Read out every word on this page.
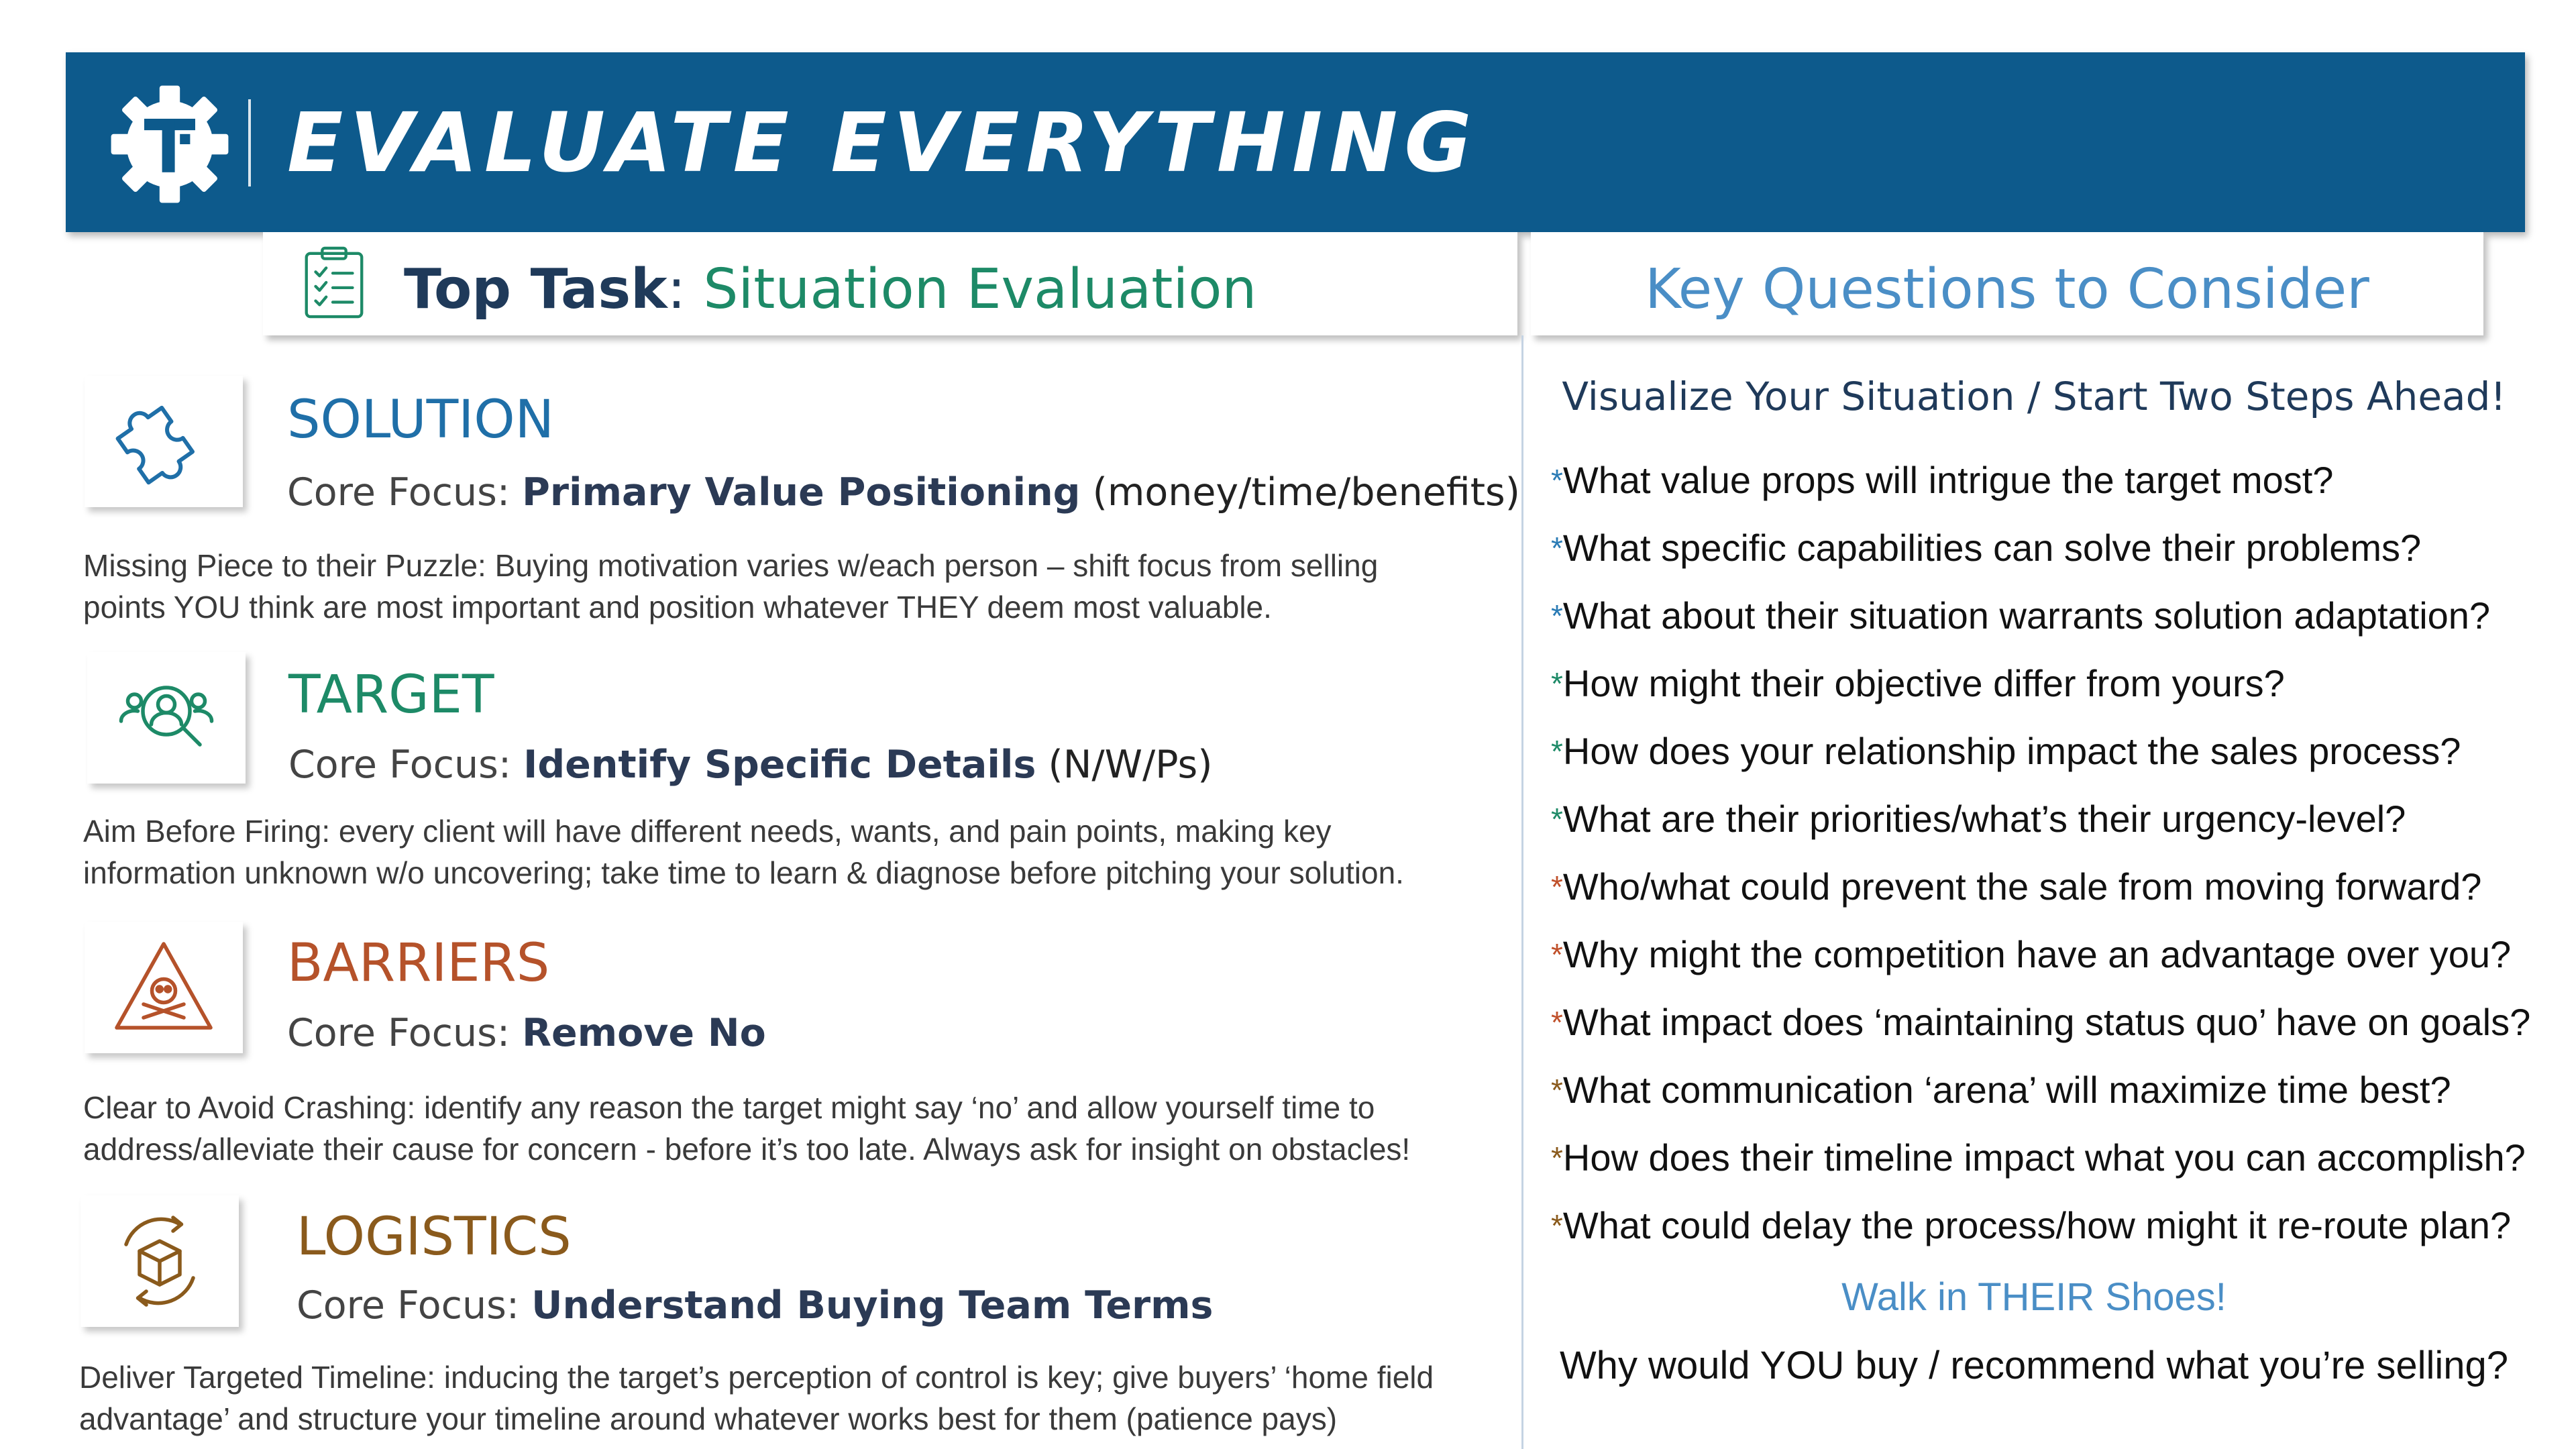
EVALUATE EVERYTHING
Top Task: Situation Evaluation	Key Questions to Consider
SOLUTION
Core Focus: Primary Value Positioning (money/time/benefits)
Missing Piece to their Puzzle: Buying motivation varies w/each person – shift focus from selling
points YOU think are most important and position whatever THEY deem most valuable.
TARGET
Core Focus: Identify Specific Details (N/W/Ps)
Aim Before Firing: every client will have different needs, wants, and pain points, making key
information unknown w/o uncovering; take time to learn & diagnose before pitching your solution.
BARRIERS
Core Focus: Remove No
Clear to Avoid Crashing: identify any reason the target might say ‘no’ and allow yourself time to
address/alleviate their cause for concern - before it’s too late. Always ask for insight on obstacles!
LOGISTICS
Core Focus: Understand Buying Team Terms
Deliver Targeted Timeline: inducing the target’s perception of control is key; give buyers’ ‘home field
advantage’ and structure your timeline around whatever works best for them (patience pays)
Visualize Your Situation / Start Two Steps Ahead!
*What value props will intrigue the target most?
*What specific capabilities can solve their problems?
*What about their situation warrants solution adaptation?
*How might their objective differ from yours?
*How does your relationship impact the sales process?
*What are their priorities/what’s their urgency-level?
*Who/what could prevent the sale from moving forward?
*Why might the competition have an advantage over you?
*What impact does ‘maintaining status quo’ have on goals?
*What communication ‘arena’ will maximize time best?
*How does their timeline impact what you can accomplish?
*What could delay the process/how might it re-route plan?
Walk in THEIR Shoes!
Why would YOU buy / recommend what you’re selling?
